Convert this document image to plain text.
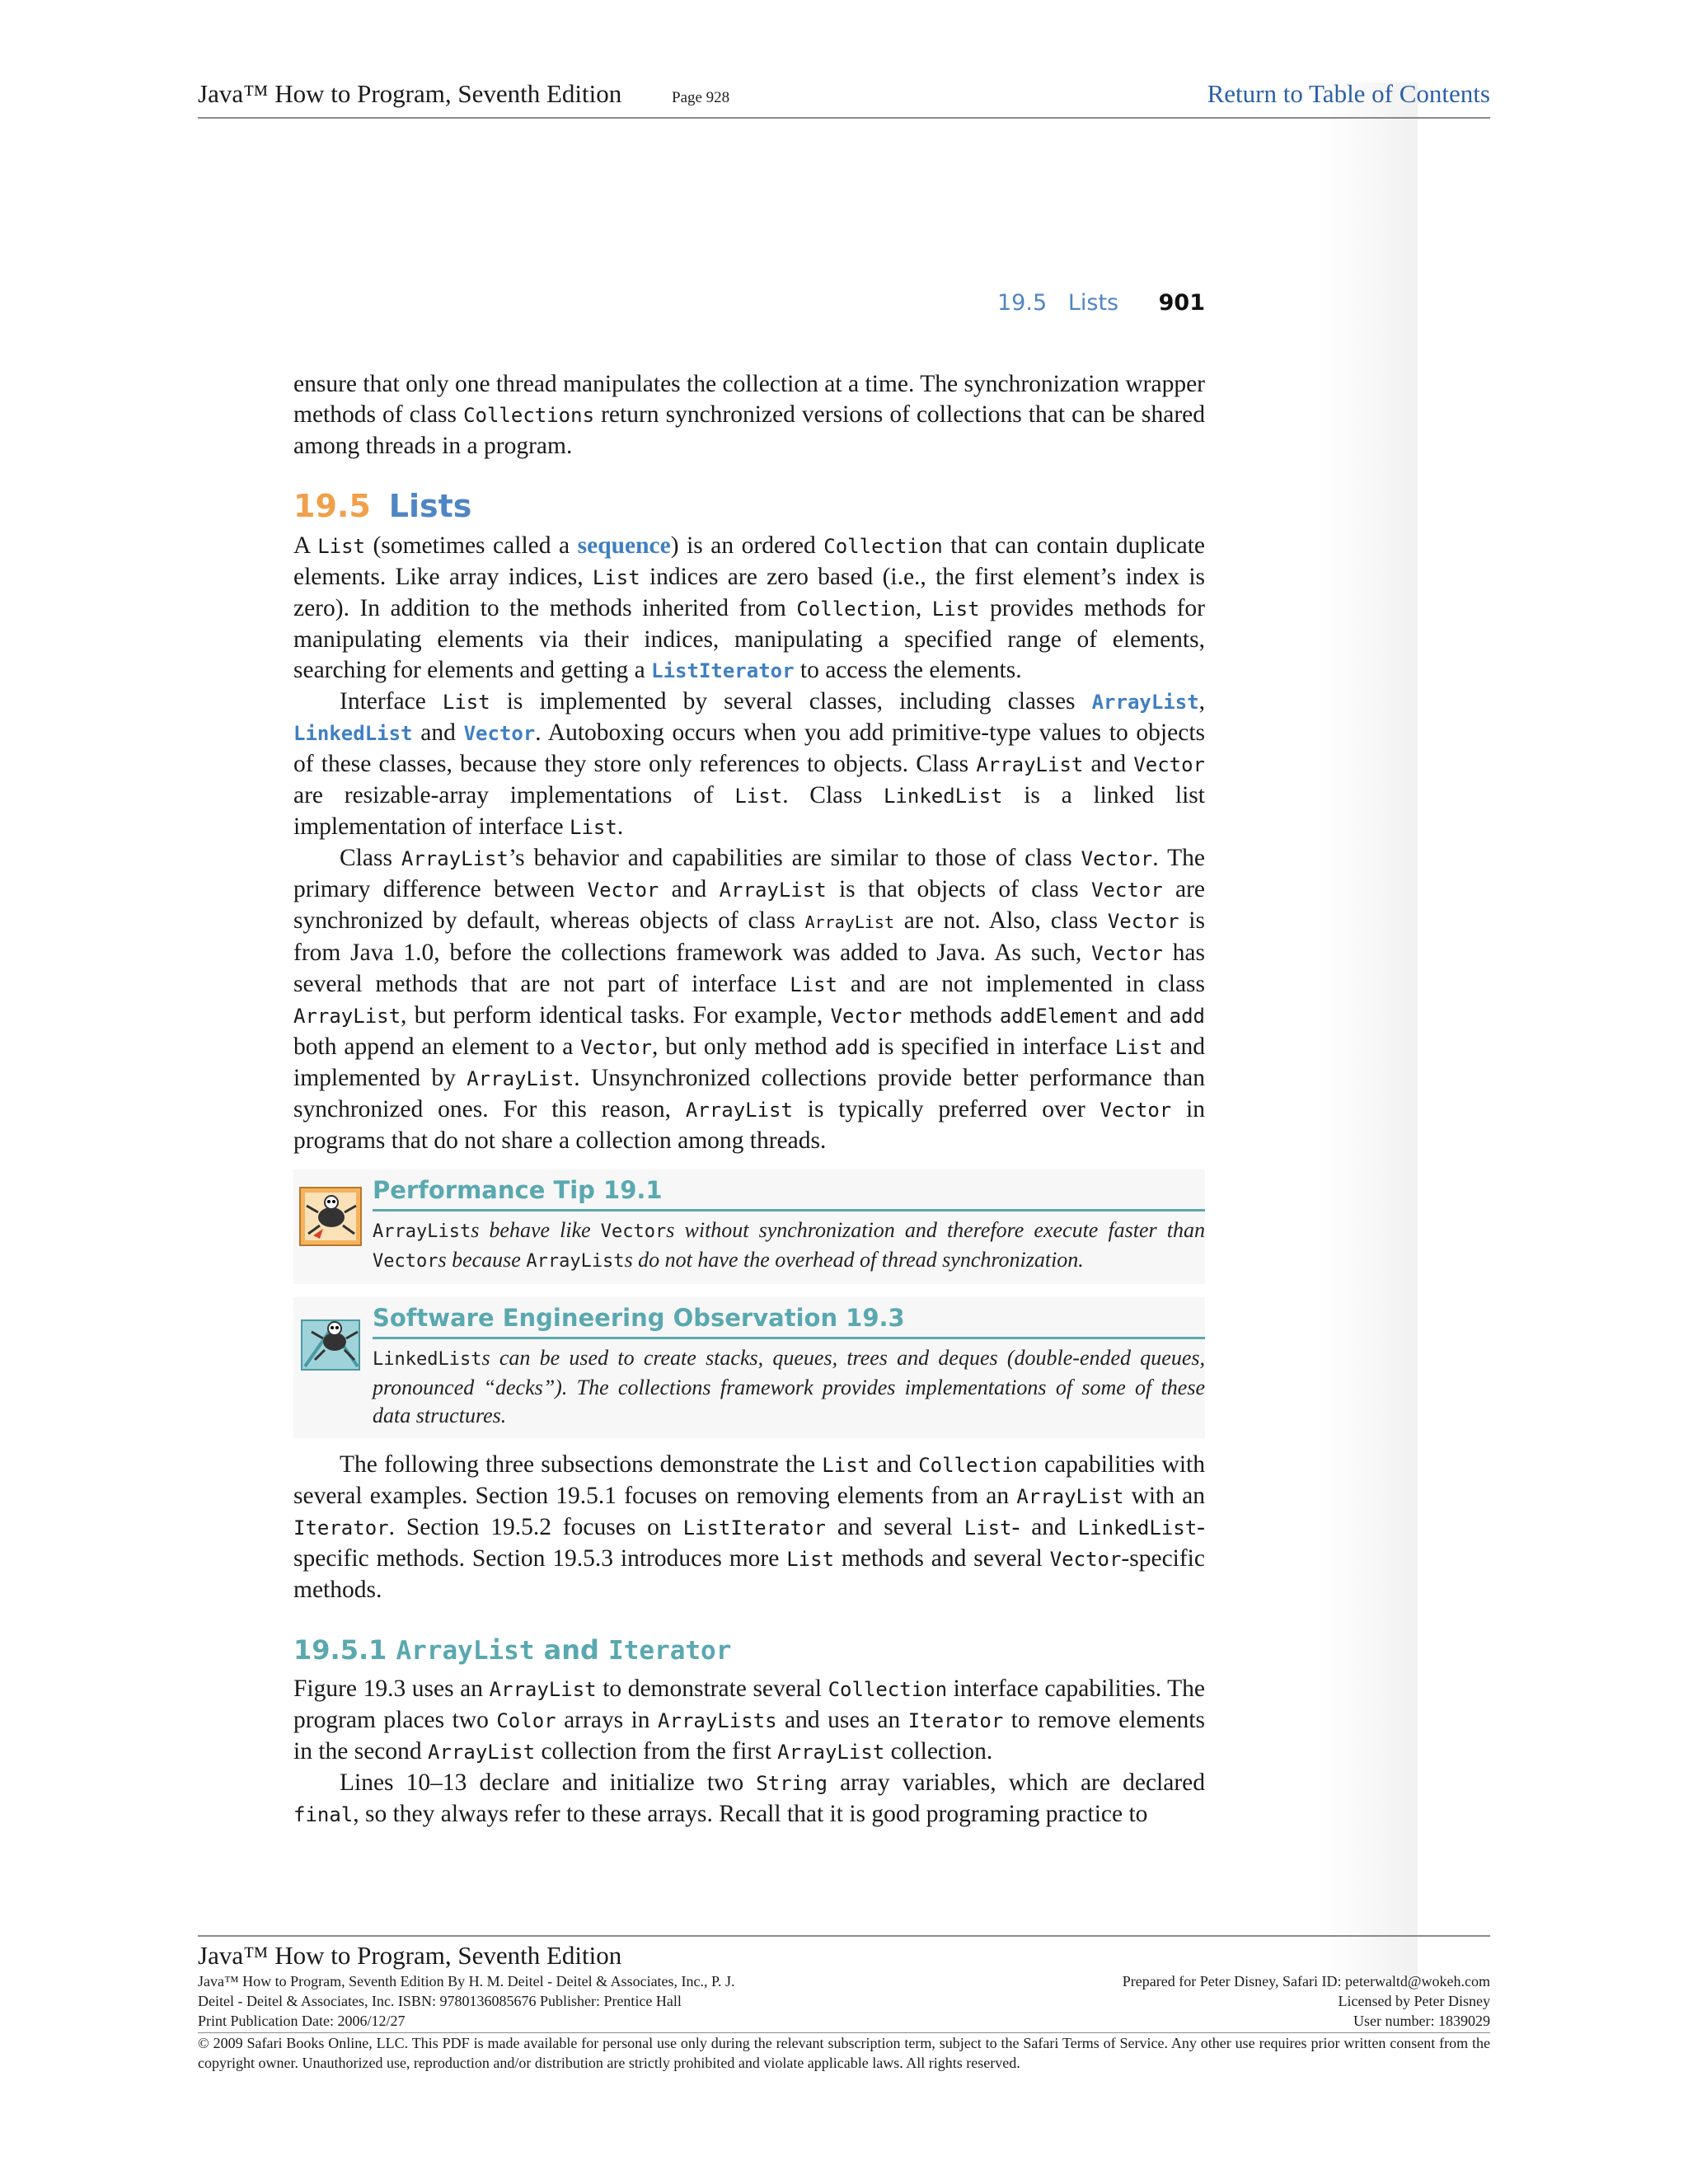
Java™ How to Program, Seventh Edition	Page 928	Return to Table of Contents
19.5   Lists 901

ensure that only one thread manipulates the collection at a time. The synchronization wrapper methods of class Collections return synchronized versions of collections that can be shared among threads in a program.

19.5 Lists

A List (sometimes called a sequence) is an ordered Collection that can contain duplicate elements. Like array indices, List indices are zero based (i.e., the first element’s index is zero). In addition to the methods inherited from Collection, List provides methods for manipulating elements via their indices, manipulating a specified range of elements, searching for elements and getting a ListIterator to access the elements.

Interface List is implemented by several classes, including classes ArrayList, LinkedList and Vector. Autoboxing occurs when you add primitive-type values to objects of these classes, because they store only references to objects. Class ArrayList and Vector are resizable-array implementations of List. Class LinkedList is a linked list implementation of interface List.

Class ArrayList’s behavior and capabilities are similar to those of class Vector. The primary difference between Vector and ArrayList is that objects of class Vector are synchronized by default, whereas objects of class ArrayList are not. Also, class Vector is from Java 1.0, before the collections framework was added to Java. As such, Vector has several methods that are not part of interface List and are not implemented in class ArrayList, but perform identical tasks. For example, Vector methods addElement and add both append an element to a Vector, but only method add is specified in interface List and implemented by ArrayList. Unsynchronized collections provide better performance than synchronized ones. For this reason, ArrayList is typically preferred over Vector in programs that do not share a collection among threads.

Performance Tip 19.1
ArrayLists behave like Vectors without synchronization and therefore execute faster than Vectors because ArrayLists do not have the overhead of thread synchronization.
Software Engineering Observation 19.3
LinkedLists can be used to create stacks, queues, trees and deques (double-ended queues, pronounced “decks”). The collections framework provides implementations of some of these data structures.

The following three subsections demonstrate the List and Collection capabilities with several examples. Section 19.5.1 focuses on removing elements from an ArrayList with an Iterator. Section 19.5.2 focuses on ListIterator and several List- and LinkedList-specific methods. Section 19.5.3 introduces more List methods and several Vector-specific methods.

19.5.1 ArrayList and Iterator

Figure 19.3 uses an ArrayList to demonstrate several Collection interface capabilities. The program places two Color arrays in ArrayLists and uses an Iterator to remove elements in the second ArrayList collection from the first ArrayList collection.

Lines 10–13 declare and initialize two String array variables, which are declared final, so they always refer to these arrays. Recall that it is good programing practice to

Java™ How to Program, Seventh Edition
Java™ How to Program, Seventh Edition By H. M. Deitel - Deitel & Associates, Inc., P. J.	Prepared for Peter Disney, Safari ID: peterwaltd@wokeh.com
Deitel - Deitel & Associates, Inc. ISBN: 9780136085676 Publisher: Prentice Hall	Licensed by Peter Disney
Print Publication Date: 2006/12/27	User number: 1839029
© 2009 Safari Books Online, LLC. This PDF is made available for personal use only during the relevant subscription term, subject to the Safari Terms of Service. Any other use requires prior written consent from the copyright owner. Unauthorized use, reproduction and/or distribution are strictly prohibited and violate applicable laws. All rights reserved.
